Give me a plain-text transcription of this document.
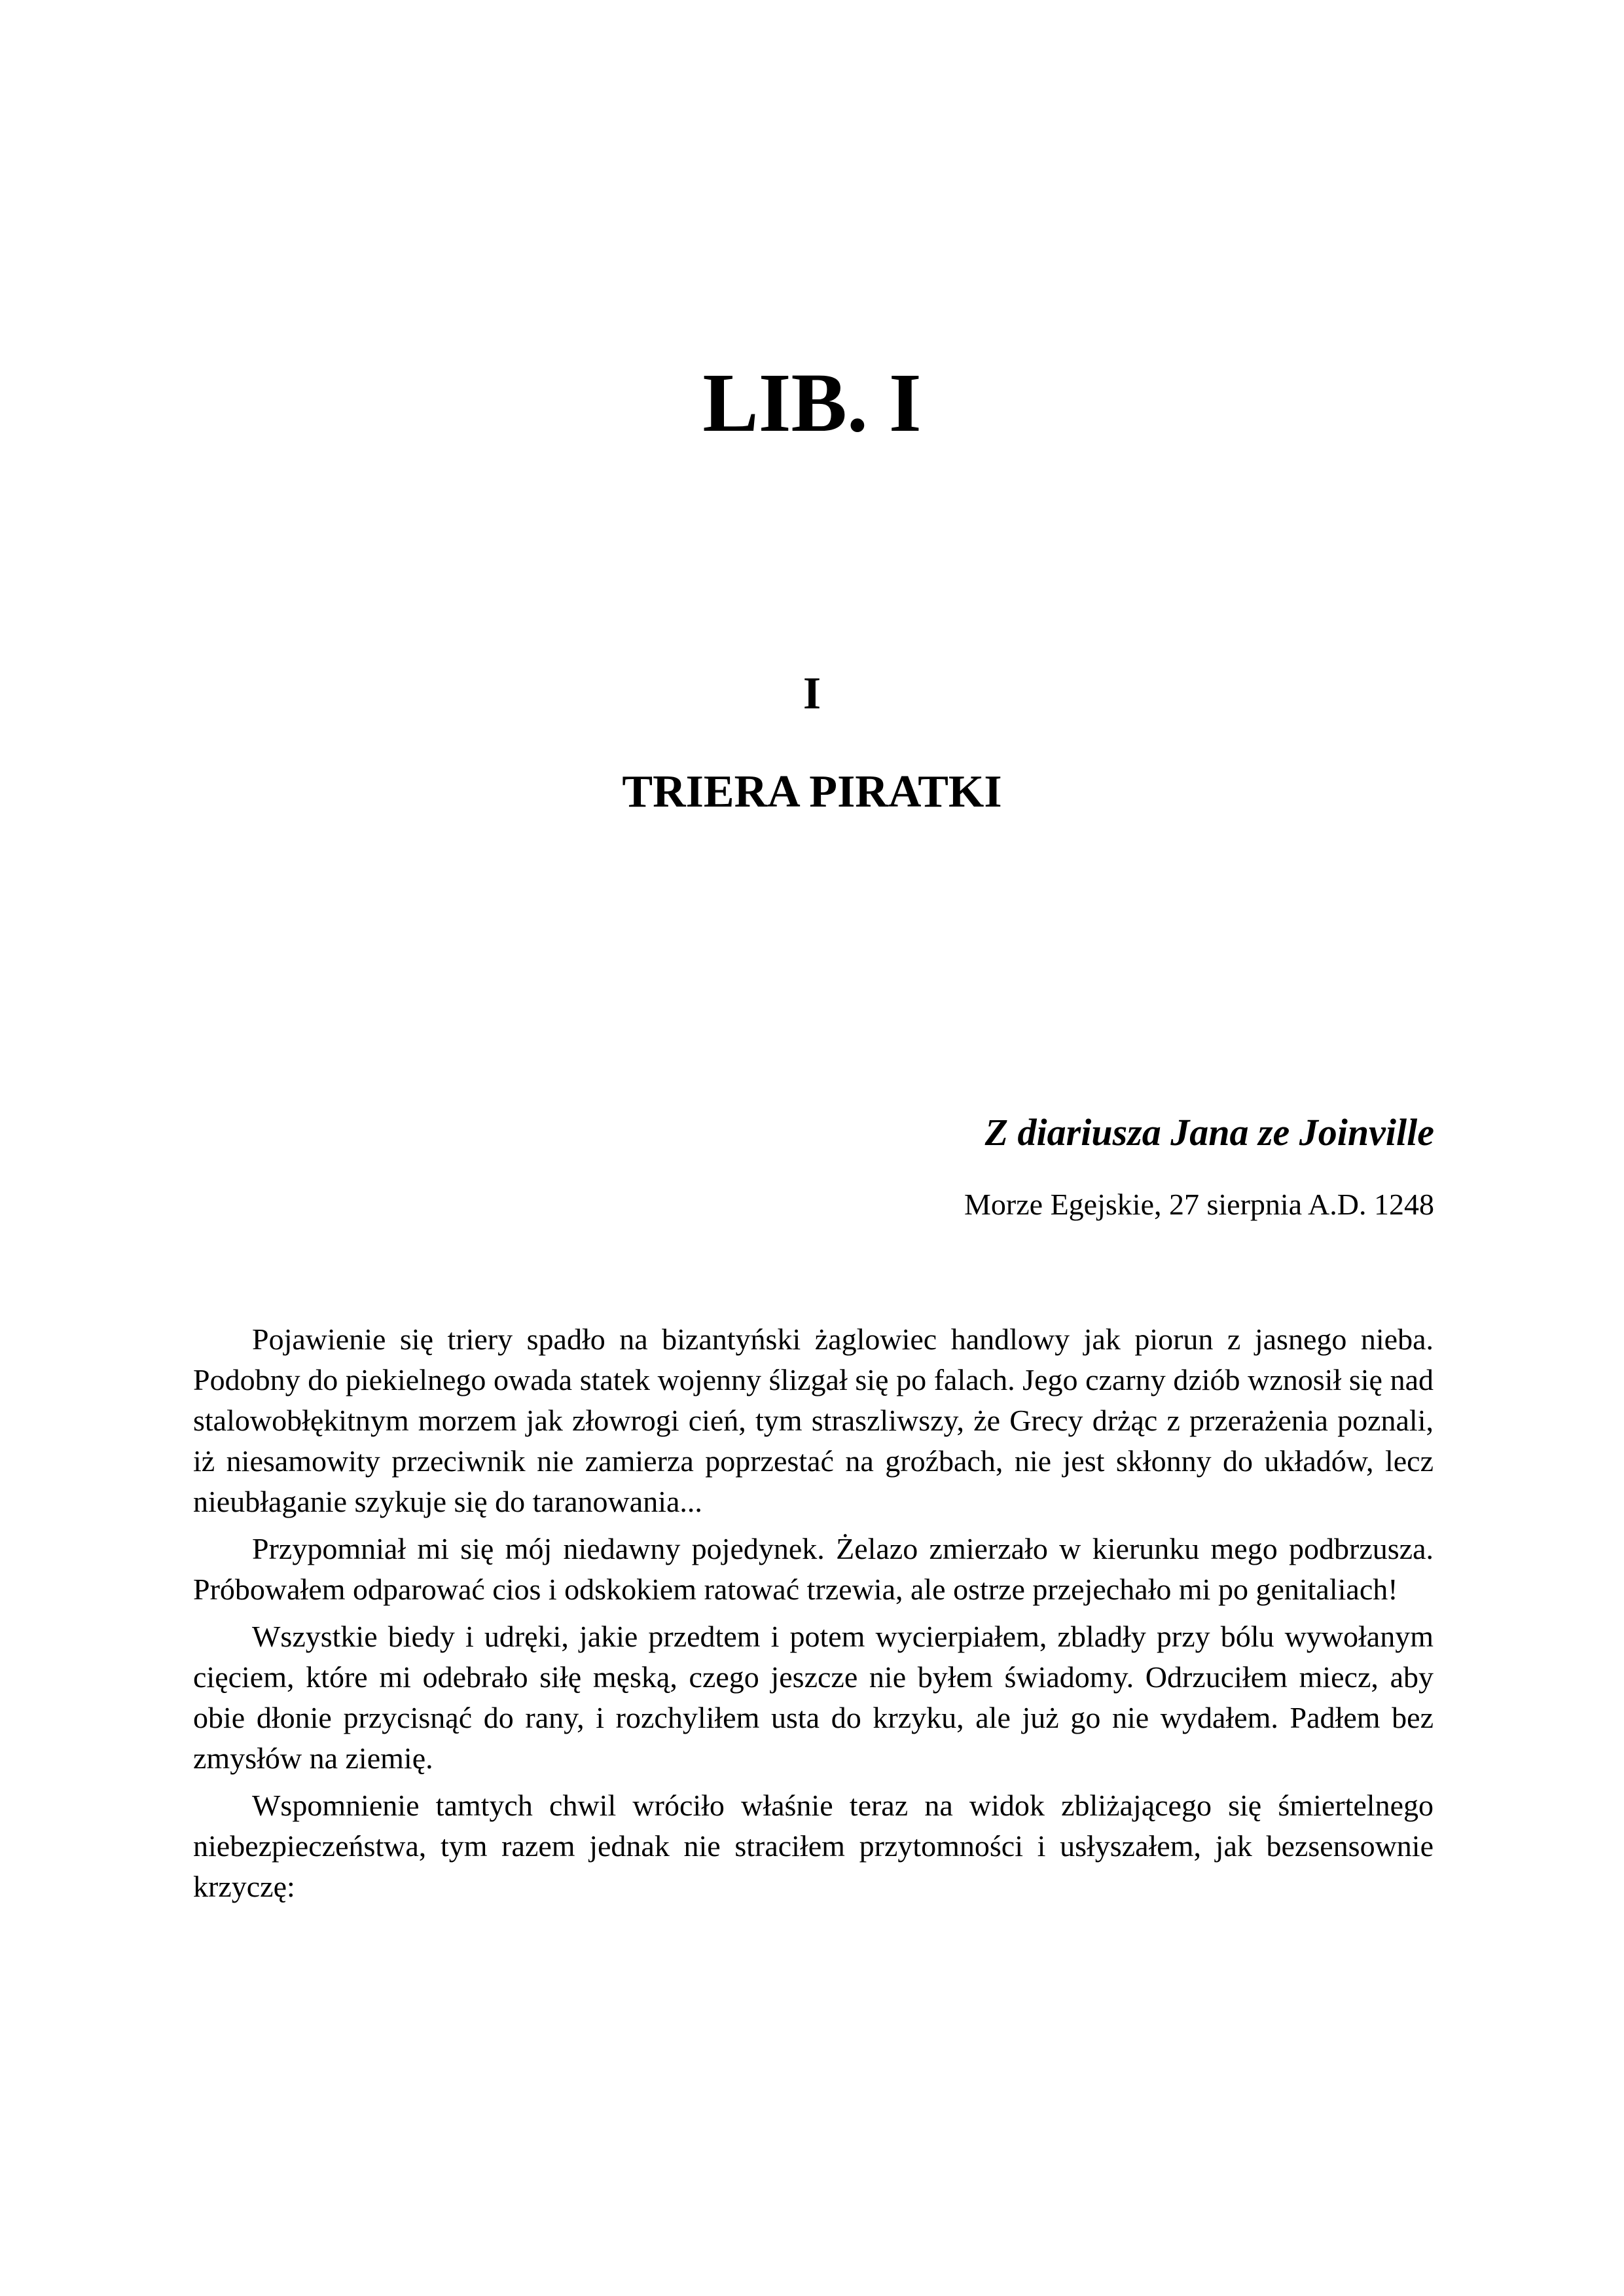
LIB. I
I
TRIERA PIRATKI
Z diariusza Jana ze Joinville
Morze Egejskie, 27 sierpnia A.D. 1248

Pojawienie się triery spadło na bizantyński żaglowiec handlowy jak piorun z jasnego nieba. Podobny do piekielnego owada statek wojenny ślizgał się po falach. Jego czarny dziób wznosił się nad stalowobłękitnym morzem jak złowrogi cień, tym straszliwszy, że Grecy drżąc z przerażenia poznali, iż niesamowity przeciwnik nie zamierza poprzestać na groźbach, nie jest skłonny do układów, lecz nieubłaganie szykuje się do taranowania...

Przypomniał mi się mój niedawny pojedynek. Żelazo zmierzało w kierunku mego podbrzusza. Próbowałem odparować cios i odskokiem ratować trzewia, ale ostrze przejechało mi po genitaliach!

Wszystkie biedy i udręki, jakie przedtem i potem wycierpiałem, zbladły przy bólu wywołanym cięciem, które mi odebrało siłę męską, czego jeszcze nie byłem świadomy. Odrzuciłem miecz, aby obie dłonie przycisnąć do rany, i rozchyliłem usta do krzyku, ale już go nie wydałem. Padłem bez zmysłów na ziemię.

Wspomnienie tamtych chwil wróciło właśnie teraz na widok zbliżającego się śmiertelnego niebezpieczeństwa, tym razem jednak nie straciłem przytomności i usłyszałem, jak bezsensownie krzyczę:
